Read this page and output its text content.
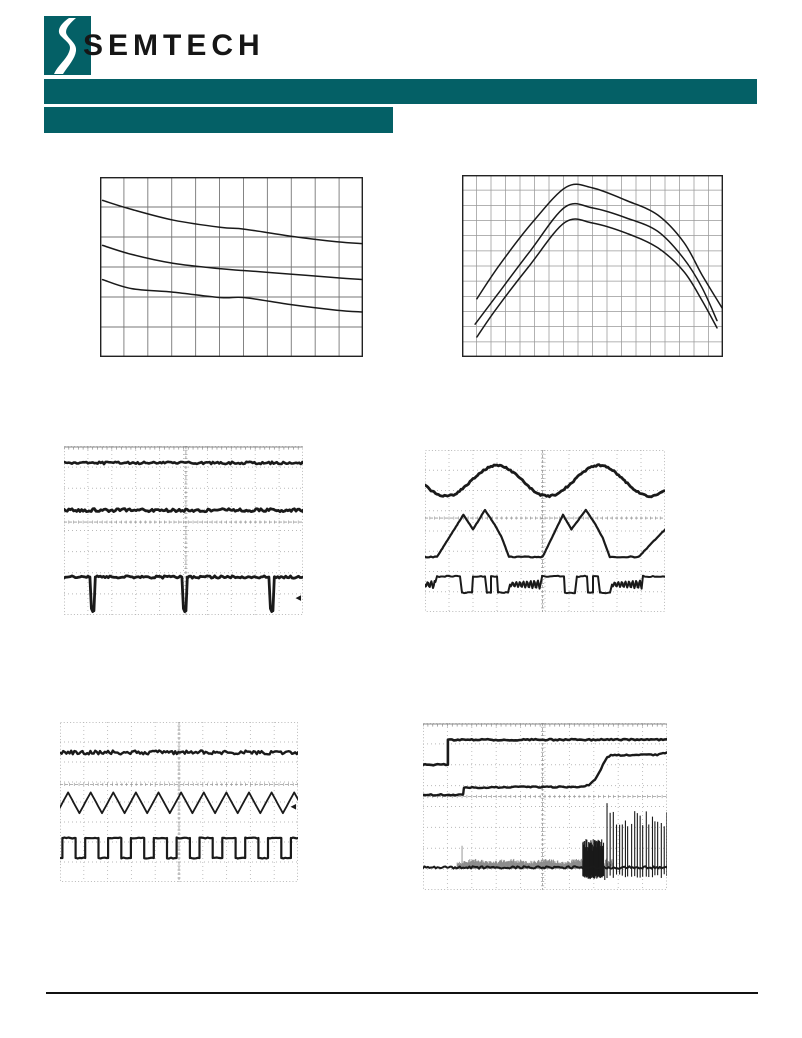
SEMTECH
